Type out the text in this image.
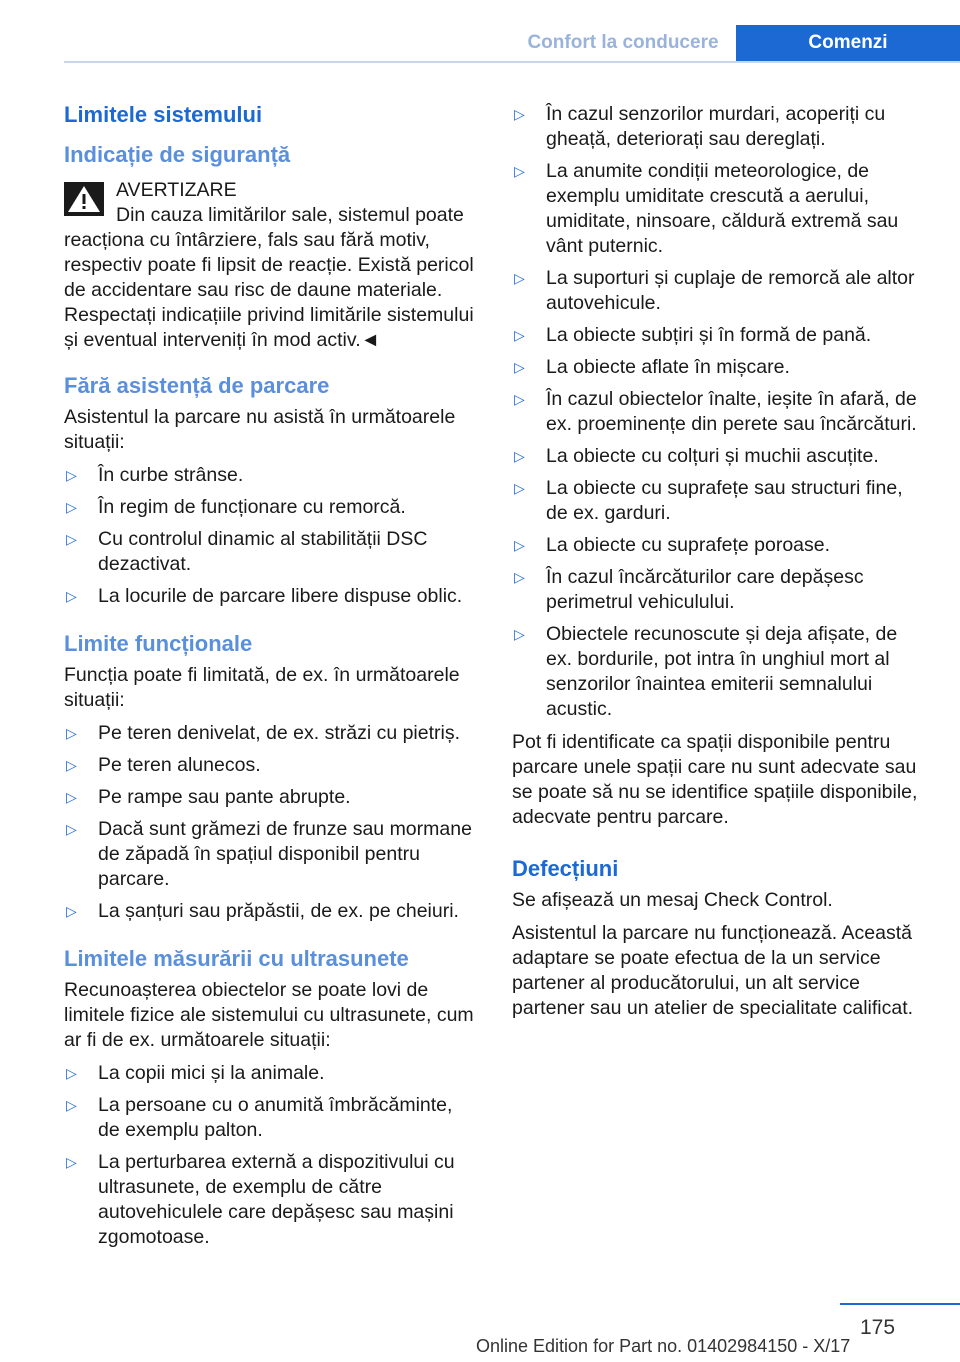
Confort la conducere	Comenzi
Limitele sistemului
Indicație de siguranță
AVERTIZARE

Din cauza limitărilor sale, sistemul poate reacționa cu întârziere, fals sau fără motiv, respectiv poate fi lipsit de reacție. Există pericol de accidentare sau risc de daune materiale. Respectați indicațiile privind limitările sistemului și eventual interveniți în mod activ.◄

Fără asistență de parcare

Asistentul la parcare nu asistă în următoarele situații:

▷ În curbe strânse.
▷ În regim de funcționare cu remorcă.
▷ Cu controlul dinamic al stabilității DSC dezactivat.
▷ La locurile de parcare libere dispuse oblic.
Limite funcționale

Funcția poate fi limitată, de ex. în următoarele situații:

▷ Pe teren denivelat, de ex. străzi cu pietriș.
▷ Pe teren alunecos.
▷ Pe rampe sau pante abrupte.
▷ Dacă sunt grămezi de frunze sau mormane de zăpadă în spațiul disponibil pentru parcare.
▷ La șanțuri sau prăpăstii, de ex. pe cheiuri.
Limitele măsurării cu ultrasunete

Recunoașterea obiectelor se poate lovi de limitele fizice ale sistemului cu ultrasunete, cum ar fi de ex. următoarele situații:

▷ La copii mici și la animale.
▷ La persoane cu o anumită îmbrăcăminte, de exemplu palton.
▷ La perturbarea externă a dispozitivului cu ultrasunete, de exemplu de către autovehiculele care depășesc sau mașini zgomotoase.
▷ În cazul senzorilor murdari, acoperiți cu gheață, deteriorați sau dereglați.
▷ La anumite condiții meteorologice, de exemplu umiditate crescută a aerului, umiditate, ninsoare, căldură extremă sau vânt puternic.
▷ La suporturi și cuplaje de remorcă ale altor autovehicule.
▷ La obiecte subțiri și în formă de pană.
▷ La obiecte aflate în mișcare.
▷ În cazul obiectelor înalte, ieșite în afară, de ex. proeminențe din perete sau încărcături.
▷ La obiecte cu colțuri și muchii ascuțite.
▷ La obiecte cu suprafețe sau structuri fine, de ex. garduri.
▷ La obiecte cu suprafețe poroase.
▷ În cazul încărcăturilor care depășesc perimetrul vehiculului.
▷ Obiectele recunoscute și deja afișate, de ex. bordurile, pot intra în unghiul mort al senzorilor înaintea emiterii semnalului acustic.

Pot fi identificate ca spații disponibile pentru parcare unele spații care nu sunt adecvate sau se poate să nu se identifice spațiile disponibile, adecvate pentru parcare.

Defecțiuni

Se afișează un mesaj Check Control.

Asistentul la parcare nu funcționează. Această adaptare se poate efectua de la un service partener al producătorului, un alt service partener sau un atelier de specialitate calificat.

175
Online Edition for Part no. 01402984150 - X/17
